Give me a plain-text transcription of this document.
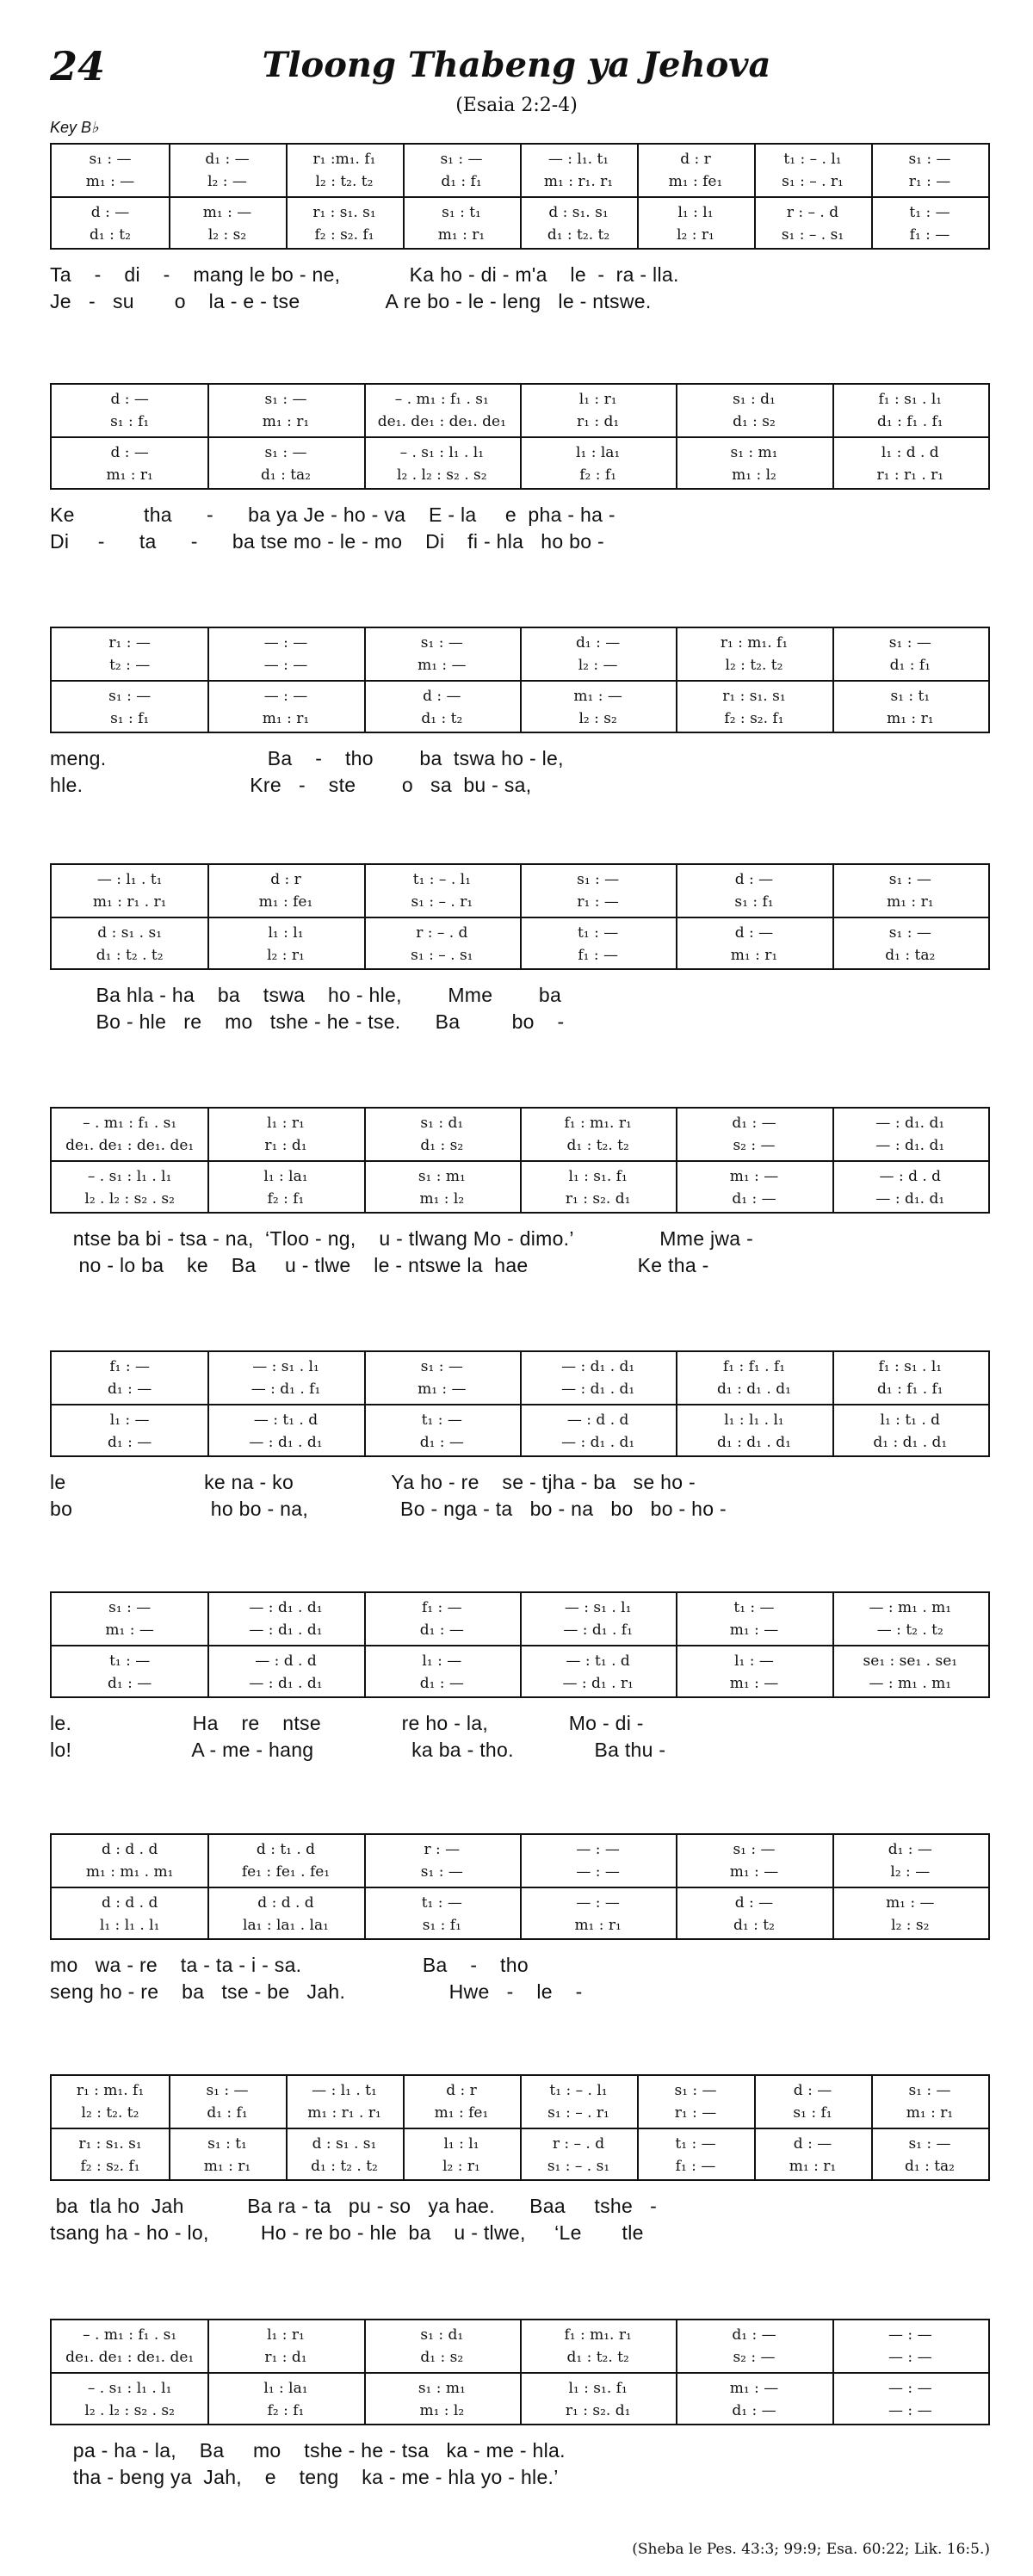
24	Tloong Thabeng ya Jehova
(Esaia 2:2-4)
Key B♭
s₁ : —
m₁ : —
d₁ : —
l₂ : —
r₁ :m₁. f₁
l₂ : t₂. t₂
s₁ : —
d₁ : f₁
— : l₁. t₁
m₁ : r₁. r₁
d : r
m₁ : fe₁
t₁ : – . l₁
s₁ : – . r₁
s₁ : —
r₁ : —
d : —
d₁ : t₂
m₁ : —
l₂ : s₂
r₁ : s₁. s₁
f₂ : s₂. f₁
s₁ : t₁
m₁ : r₁
d : s₁. s₁
d₁ : t₂. t₂
l₁ : l₁
l₂ : r₁
r : – . d
s₁ : – . s₁
t₁ : —
f₁ : —
Ta    -    di    -    mang le bo - ne,            Ka ho - di - m'a    le  -  ra - lla.
Je   -   su       o    la - e - tse               A re bo - le - leng   le - ntswe.
d : —
s₁ : f₁
s₁ : —
m₁ : r₁
– . m₁ : f₁ . s₁
de₁. de₁ : de₁. de₁
l₁ : r₁
r₁ : d₁
s₁ : d₁
d₁ : s₂
f₁ : s₁ . l₁
d₁ : f₁ . f₁
d : —
m₁ : r₁
s₁ : —
d₁ : ta₂
– . s₁ : l₁ . l₁
l₂ . l₂ : s₂ . s₂
l₁ : la₁
f₂ : f₁
s₁ : m₁
m₁ : l₂
l₁ : d . d
r₁ : r₁ . r₁
Ke            tha      -      ba ya Je - ho - va    E - la     e  pha - ha -
Di     -      ta      -      ba tse mo - le - mo    Di    fi - hla   ho bo -
r₁ : —
t₂ : —
— : —
— : —
s₁ : —
m₁ : —
d₁ : —
l₂ : —
r₁ : m₁. f₁
l₂ : t₂. t₂
s₁ : —
d₁ : f₁
s₁ : —
s₁ : f₁
— : —
m₁ : r₁
d : —
d₁ : t₂
m₁ : —
l₂ : s₂
r₁ : s₁. s₁
f₂ : s₂. f₁
s₁ : t₁
m₁ : r₁
meng.                            Ba    -    tho        ba  tswa ho - le,
hle.                             Kre   -    ste        o   sa  bu - sa,
— : l₁ . t₁
m₁ : r₁ . r₁
d : r
m₁ : fe₁
t₁ : – . l₁
s₁ : – . r₁
s₁ : —
r₁ : —
d : —
s₁ : f₁
s₁ : —
m₁ : r₁
d : s₁ . s₁
d₁ : t₂ . t₂
l₁ : l₁
l₂ : r₁
r : – . d
s₁ : – . s₁
t₁ : —
f₁ : —
d : —
m₁ : r₁
s₁ : —
d₁ : ta₂
Ba hla - ha    ba    tswa    ho - hle,        Mme        ba
Bo - hle   re    mo   tshe - he - tse.      Ba         bo    -
– . m₁ : f₁ . s₁
de₁. de₁ : de₁. de₁
l₁ : r₁
r₁ : d₁
s₁ : d₁
d₁ : s₂
f₁ : m₁. r₁
d₁ : t₂. t₂
d₁ : —
s₂ : —
— : d₁. d₁
— : d₁. d₁
– . s₁ : l₁ . l₁
l₂ . l₂ : s₂ . s₂
l₁ : la₁
f₂ : f₁
s₁ : m₁
m₁ : l₂
l₁ : s₁. f₁
r₁ : s₂. d₁
m₁ : —
d₁ : —
— : d . d
— : d₁. d₁
ntse ba bi - tsa - na,  ‘Tloo - ng,    u - tlwang Mo - dimo.’               Mme jwa -
no - lo ba    ke    Ba     u - tlwe    le - ntswe la  hae                   Ke tha -
f₁ : —
d₁ : —
— : s₁ . l₁
— : d₁ . f₁
s₁ : —
m₁ : —
— : d₁ . d₁
— : d₁ . d₁
f₁ : f₁ . f₁
d₁ : d₁ . d₁
f₁ : s₁ . l₁
d₁ : f₁ . f₁
l₁ : —
d₁ : —
— : t₁ . d
— : d₁ . d₁
t₁ : —
d₁ : —
— : d . d
— : d₁ . d₁
l₁ : l₁ . l₁
d₁ : d₁ . d₁
l₁ : t₁ . d
d₁ : d₁ . d₁
le                        ke na - ko                 Ya ho - re    se - tjha - ba   se ho -
bo                        ho bo - na,                Bo - nga - ta   bo - na   bo   bo - ho -
s₁ : —
m₁ : —
— : d₁ . d₁
— : d₁ . d₁
f₁ : —
d₁ : —
— : s₁ . l₁
— : d₁ . f₁
t₁ : —
m₁ : —
— : m₁ . m₁
— : t₂ . t₂
t₁ : —
d₁ : —
— : d . d
— : d₁ . d₁
l₁ : —
d₁ : —
— : t₁ . d
— : d₁ . r₁
l₁ : —
m₁ : —
se₁ : se₁ . se₁
— : m₁ . m₁
le.                     Ha    re    ntse              re ho - la,              Mo - di -
lo!                     A - me - hang                 ka ba - tho.              Ba thu -
d : d . d
m₁ : m₁ . m₁
d : t₁ . d
fe₁ : fe₁ . fe₁
r : —
s₁ : —
— : —
— : —
s₁ : —
m₁ : —
d₁ : —
l₂ : —
d : d . d
l₁ : l₁ . l₁
d : d . d
la₁ : la₁ . la₁
t₁ : —
s₁ : f₁
— : —
m₁ : r₁
d : —
d₁ : t₂
m₁ : —
l₂ : s₂
mo   wa - re    ta - ta - i - sa.                     Ba    -    tho
seng ho - re    ba   tse - be   Jah.                  Hwe   -    le    -
r₁ : m₁. f₁
l₂ : t₂. t₂
s₁ : —
d₁ : f₁
— : l₁ . t₁
m₁ : r₁ . r₁
d : r
m₁ : fe₁
t₁ : – . l₁
s₁ : – . r₁
s₁ : —
r₁ : —
d : —
s₁ : f₁
s₁ : —
m₁ : r₁
r₁ : s₁. s₁
f₂ : s₂. f₁
s₁ : t₁
m₁ : r₁
d : s₁ . s₁
d₁ : t₂ . t₂
l₁ : l₁
l₂ : r₁
r : – . d
s₁ : – . s₁
t₁ : —
f₁ : —
d : —
m₁ : r₁
s₁ : —
d₁ : ta₂
ba  tla ho  Jah           Ba ra - ta   pu - so   ya hae.      Baa     tshe   -
tsang ha - ho - lo,         Ho - re bo - hle  ba    u - tlwe,     ‘Le       tle
– . m₁ : f₁ . s₁
de₁. de₁ : de₁. de₁
l₁ : r₁
r₁ : d₁
s₁ : d₁
d₁ : s₂
f₁ : m₁. r₁
d₁ : t₂. t₂
d₁ : —
s₂ : —
— : —
— : —
– . s₁ : l₁ . l₁
l₂ . l₂ : s₂ . s₂
l₁ : la₁
f₂ : f₁
s₁ : m₁
m₁ : l₂
l₁ : s₁. f₁
r₁ : s₂. d₁
m₁ : —
d₁ : —
— : —
— : —
pa - ha - la,    Ba     mo    tshe - he - tsa   ka - me - hla.
tha - beng ya  Jah,    e    teng    ka - me - hla yo - hle.’
(Sheba le Pes. 43:3; 99:9; Esa. 60:22; Lik. 16:5.)
